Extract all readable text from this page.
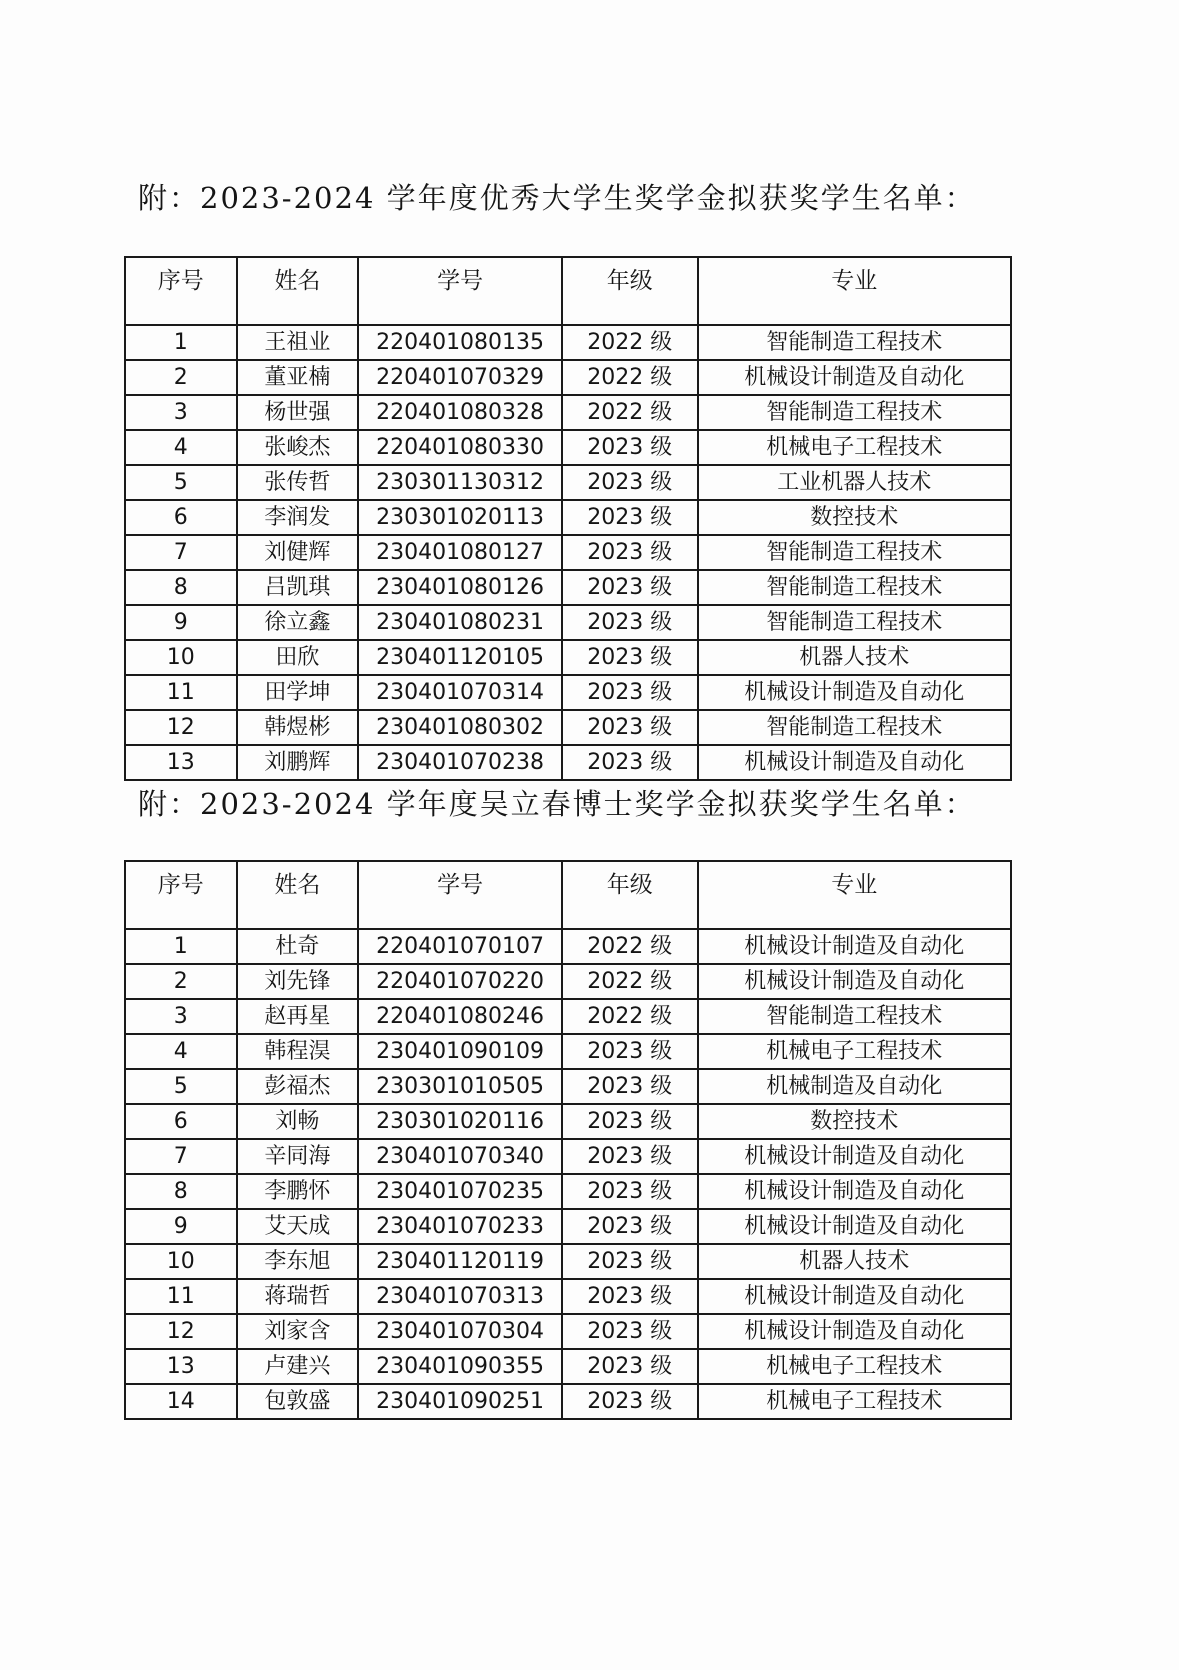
附：2023-2024 学年度优秀大学生奖学金拟获奖学生名单：
序号	姓名	学号	年级	专业
1	王祖业	220401080135	2022 级	智能制造工程技术
2	董亚楠	220401070329	2022 级	机械设计制造及自动化
3	杨世强	220401080328	2022 级	智能制造工程技术
4	张峻杰	220401080330	2023 级	机械电子工程技术
5	张传哲	230301130312	2023 级	工业机器人技术
6	李润发	230301020113	2023 级	数控技术
7	刘健辉	230401080127	2023 级	智能制造工程技术
8	吕凯琪	230401080126	2023 级	智能制造工程技术
9	徐立鑫	230401080231	2023 级	智能制造工程技术
10	田欣	230401120105	2023 级	机器人技术
11	田学坤	230401070314	2023 级	机械设计制造及自动化
12	韩煜彬	230401080302	2023 级	智能制造工程技术
13	刘鹏辉	230401070238	2023 级	机械设计制造及自动化
附：2023-2024 学年度吴立春博士奖学金拟获奖学生名单：
序号	姓名	学号	年级	专业
1	杜奇	220401070107	2022 级	机械设计制造及自动化
2	刘先锋	220401070220	2022 级	机械设计制造及自动化
3	赵再星	220401080246	2022 级	智能制造工程技术
4	韩程淏	230401090109	2023 级	机械电子工程技术
5	彭福杰	230301010505	2023 级	机械制造及自动化
6	刘畅	230301020116	2023 级	数控技术
7	辛同海	230401070340	2023 级	机械设计制造及自动化
8	李鹏怀	230401070235	2023 级	机械设计制造及自动化
9	艾天成	230401070233	2023 级	机械设计制造及自动化
10	李东旭	230401120119	2023 级	机器人技术
11	蒋瑞哲	230401070313	2023 级	机械设计制造及自动化
12	刘家含	230401070304	2023 级	机械设计制造及自动化
13	卢建兴	230401090355	2023 级	机械电子工程技术
14	包敦盛	230401090251	2023 级	机械电子工程技术
